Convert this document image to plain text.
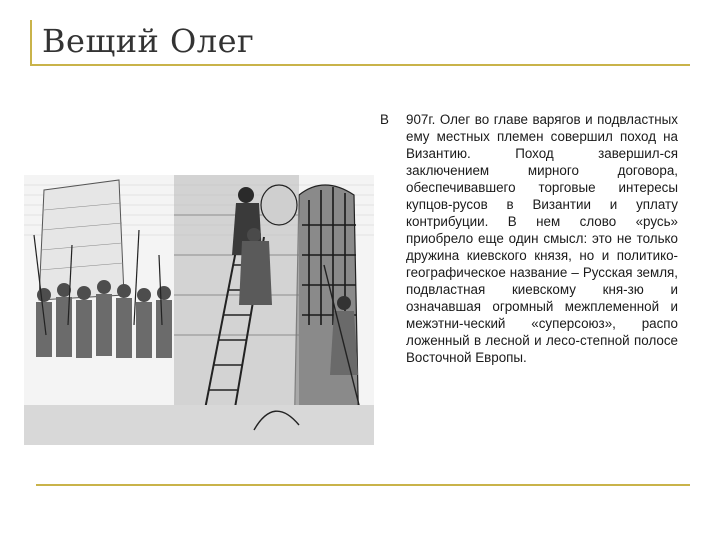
Вещий Олег
В 907г. Олег во главе варягов и подвластных ему местных племен совершил поход на Византию. Поход завершил-ся заключением мирного договора, обеспечивавшего торговые интересы купцов-русов в Византии и уплату контрибуции. В нем слово «русь» приобрело еще один смысл: это не только дружина киевского князя, но и политико-географическое название – Русская земля, подвластная киевскому кня-зю и означавшая огромный межплеменной и межэтни-ческий «суперсоюз», распо ложенный в лесной и лесо-степной полосе Восточной Европы.
